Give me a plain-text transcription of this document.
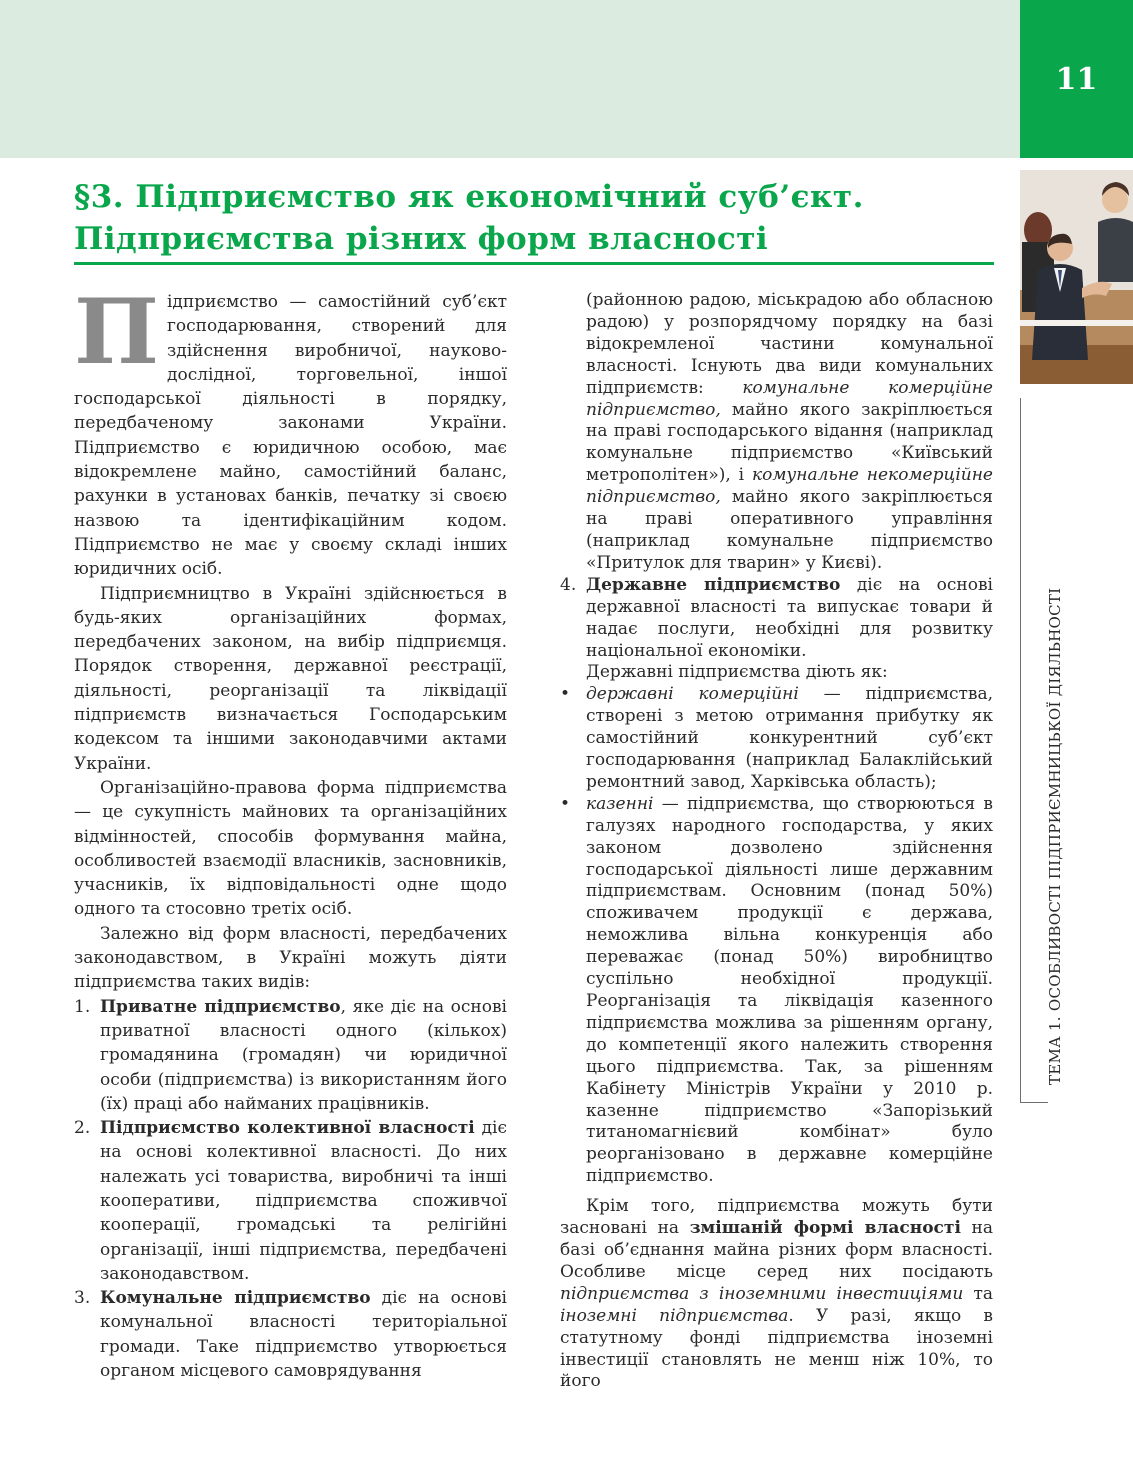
11
ТЕМА 1. ОСОБЛИВОСТІ ПІДПРИЄМНИЦЬКОЇ ДІЯЛЬНОСТІ
§3. Підприємство як економічний суб’єкт.
Підприємства різних форм власності

Підприємство — самостійний суб’єкт господарювання, створений для здійснення виробничої, науково-дослідної, торговельної, іншої господарської діяльності в порядку, передбаченому законами України. Підприємство є юридичною особою, має відокремлене майно, самостійний баланс, рахунки в установах банків, печатку зі своєю назвою та ідентифікаційним кодом. Підприємство не має у своєму складі інших юридичних осіб.

Підприємництво в Україні здійснюється в будь-яких організаційних формах, передбачених законом, на вибір підприємця. Порядок створення, державної реєстрації, діяльності, реорганізації та ліквідації підприємств визначається Господарським кодексом та іншими законодавчими актами України.

Організаційно-правова форма підприємства — це сукупність майнових та організаційних відмінностей, способів формування майна, особливостей взаємодії власників, засновників, учасників, їх відповідальності одне щодо одного та стосовно третіх осіб.

Залежно від форм власності, передбачених законодавством, в Україні можуть діяти підприємства таких видів:

1. Приватне підприємство, яке діє на основі приватної власності одного (кількох) громадянина (громадян) чи юридичної особи (підприємства) із використанням його (їх) праці або найманих працівників.

2. Підприємство колективної власності діє на основі колективної власності. До них належать усі товариства, виробничі та інші кооперативи, підприємства споживчої кооперації, громадські та релігійні організації, інші підприємства, передбачені законодавством.

3. Комунальне підприємство діє на основі комунальної власності територіальної громади. Таке підприємство утворюється органом місцевого самоврядування

(районною радою, міськрадою або обласною радою) у розпорядчому порядку на базі відокремленої частини комунальної власності. Існують два види комунальних підприємств: комунальне комерційне підприємство, майно якого закріплюється на праві господарського відання (наприклад комунальне підприємство «Київський метрополітен»), і комунальне некомерційне підприємство, майно якого закріплюється на праві оперативного управління (наприклад комунальне підприємство «Притулок для тварин» у Києві).

4. Державне підприємство діє на основі державної власності та випускає товари й надає послуги, необхідні для розвитку національної економіки.

Державні підприємства діють як:

• державні комерційні — підприємства, створені з метою отримання прибутку як самостійний конкурентний суб’єкт господарювання (наприклад Балаклійський ремонтний завод, Харківська область);

• казенні — підприємства, що створюються в галузях народного господарства, у яких законом дозволено здійснення господарської діяльності лише державним підприємствам. Основним (понад 50%) споживачем продукції є держава, неможлива вільна конкуренція або переважає (понад 50%) виробництво суспільно необхідної продукції. Реорганізація та ліквідація казенного підприємства можлива за рішенням органу, до компетенції якого належить створення цього підприємства. Так, за рішенням Кабінету Міністрів України у 2010 р. казенне підприємство «Запорізький титаномагнієвий комбінат» було реорганізовано в державне комерційне підприємство.

Крім того, підприємства можуть бути засновані на змішаній формі власності на базі об’єднання майна різних форм власності. Особливе місце серед них посідають підприємства з іноземними інвестиціями та іноземні підприємства. У разі, якщо в статутному фонді підприємства іноземні інвестиції становлять не менш ніж 10%, то його
